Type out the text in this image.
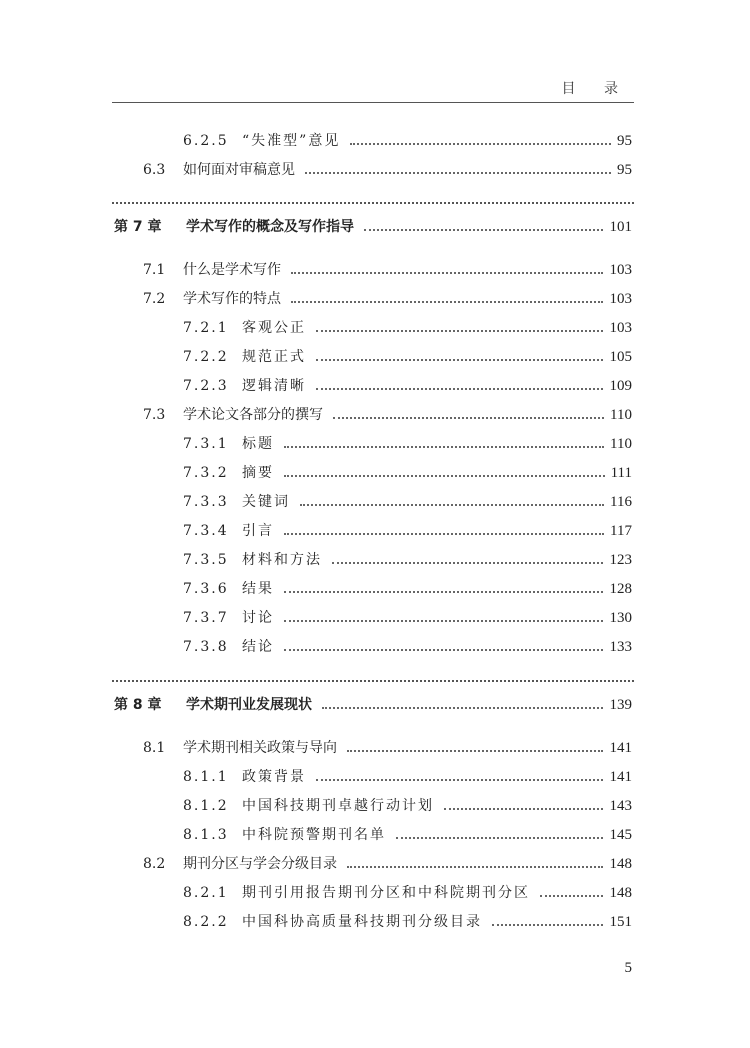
目 录
6.2.5 “失准型”意见	95
6.3 如何面对审稿意见	95
第 7 章 学术写作的概念及写作指导	101
7.1 什么是学术写作	103
7.2 学术写作的特点	103
7.2.1 客观公正	103
7.2.2 规范正式	105
7.2.3 逻辑清晰	109
7.3 学术论文各部分的撰写	110
7.3.1 标题	110
7.3.2 摘要	111
7.3.3 关键词	116
7.3.4 引言	117
7.3.5 材料和方法	123
7.3.6 结果	128
7.3.7 讨论	130
7.3.8 结论	133
第 8 章 学术期刊业发展现状	139
8.1 学术期刊相关政策与导向	141
8.1.1 政策背景	141
8.1.2 中国科技期刊卓越行动计划	143
8.1.3 中科院预警期刊名单	145
8.2 期刊分区与学会分级目录	148
8.2.1 期刊引用报告期刊分区和中科院期刊分区	148
8.2.2 中国科协高质量科技期刊分级目录	151
5
